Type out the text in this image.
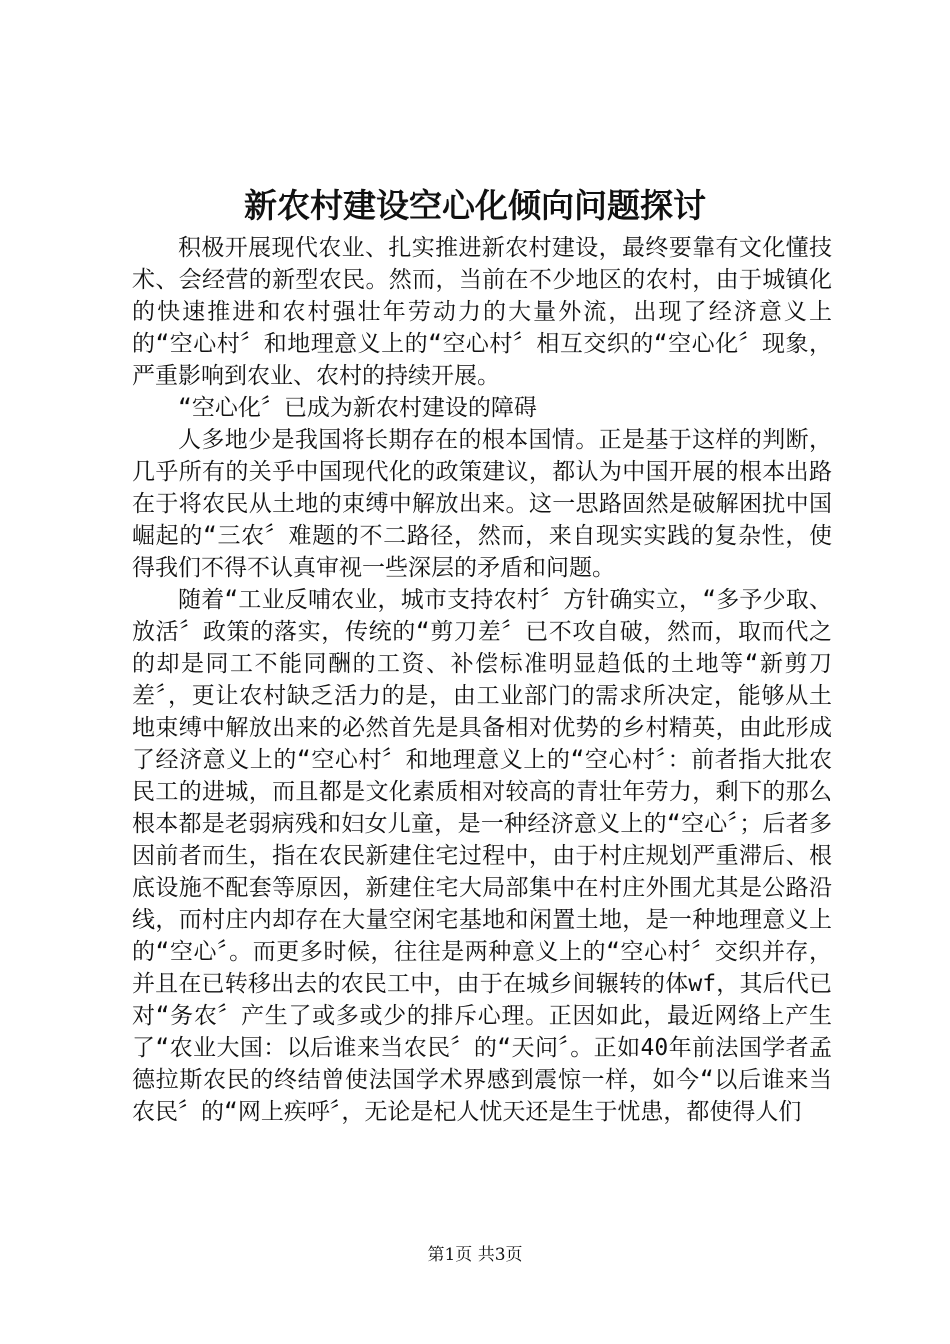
新农村建设空心化倾向问题探讨

积极开展现代农业、扎实推进新农村建设，最终要靠有文化懂技术、会经营的新型农民。然而，当前在不少地区的农村，由于城镇化的快速推进和农村强壮年劳动力的大量外流，出现了经济意义上的“空心村〞和地理意义上的“空心村〞相互交织的“空心化〞现象，严重影响到农业、农村的持续开展。

“空心化〞已成为新农村建设的障碍

人多地少是我国将长期存在的根本国情。正是基于这样的判断，几乎所有的关乎中国现代化的政策建议，都认为中国开展的根本出路在于将农民从土地的束缚中解放出来。这一思路固然是破解困扰中国崛起的“三农〞难题的不二路径，然而，来自现实实践的复杂性，使得我们不得不认真审视一些深层的矛盾和问题。

随着“工业反哺农业，城市支持农村〞方针确实立，“多予少取、放活〞政策的落实，传统的“剪刀差〞已不攻自破，然而，取而代之的却是同工不能同酬的工资、补偿标准明显趋低的土地等“新剪刀差〞，更让农村缺乏活力的是，由工业部门的需求所决定，能够从土地束缚中解放出来的必然首先是具备相对优势的乡村精英，由此形成了经济意义上的“空心村〞和地理意义上的“空心村〞：前者指大批农民工的进城，而且都是文化素质相对较高的青壮年劳力，剩下的那么根本都是老弱病残和妇女儿童，是一种经济意义上的“空心〞；后者多因前者而生，指在农民新建住宅过程中，由于村庄规划严重滞后、根底设施不配套等原因，新建住宅大局部集中在村庄外围尤其是公路沿线，而村庄内却存在大量空闲宅基地和闲置土地，是一种地理意义上的“空心〞。而更多时候，往往是两种意义上的“空心村〞交织并存，并且在已转移出去的农民工中，由于在城乡间辗转的体wf，其后代已对“务农〞产生了或多或少的排斥心理。正因如此，最近网络上产生了“农业大国：以后谁来当农民〞的“天问〞。正如40年前法国学者孟德拉斯农民的终结曾使法国学术界感到震惊一样，如今“以后谁来当农民〞的“网上疾呼〞，无论是杞人忧天还是生于忧患，都使得人们

第1页 共3页
